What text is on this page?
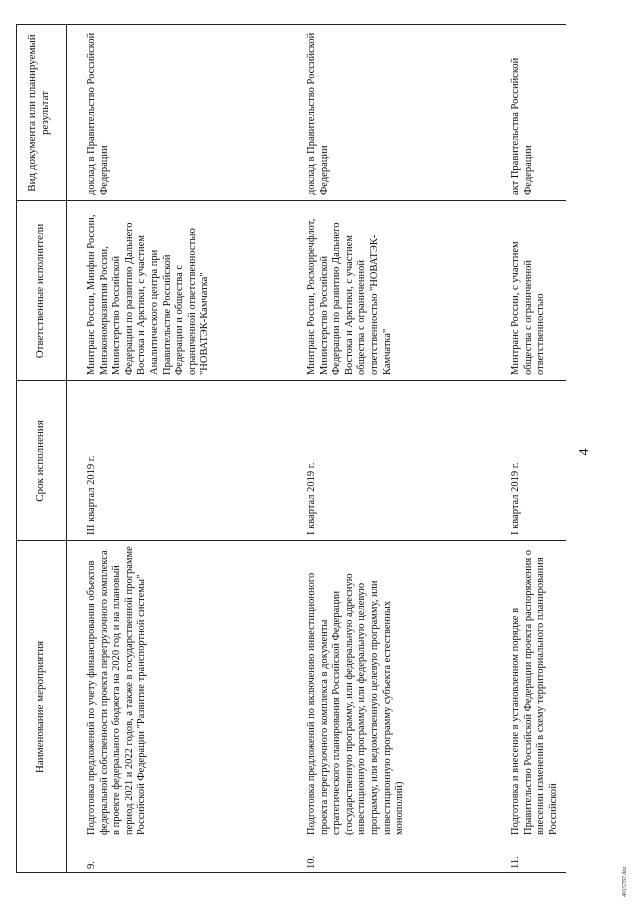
Наименование мероприятия
Срок исполнения
Ответственные исполнители
Вид документа или планируемый результат
9.
Подготовка предложений по учету финансирования объектов федеральной собственности проекта перегрузочного комплекса в проекте федерального бюджета на 2020 год и на плановый период 2021 и 2022 годов, а также в государственной программе Российской Федерации "Развитие транспортной системы"
III квартал 2019 г.
Минтранс России, Минфин России, Минэкономразвития России, Министерство Российской Федерации по развитию Дальнего Востока и Арктики, с участием Аналитического центра при Правительстве Российской Федерации и общества с ограниченной ответственностью "НОВАТЭК-Камчатка"
доклад в Правительство Российской Федерации
10.
Подготовка предложений по включению инвестиционного проекта перегрузочного комплекса в документы стратегического планирования Российской Федерации (государственную программу, или федеральную адресную инвестиционную программу, или федеральную целевую программу, или ведомственную целевую программу, или инвестиционную программу субъекта естественных монополий)
I квартал 2019 г.
Минтранс России, Росморречфлот, Министерство Российской Федерации по развитию Дальнего Востока и Арктики, с участием общества с ограниченной ответственностью "НОВАТЭК-Камчатка"
доклад в Правительство Российской Федерации
11.
Подготовка и внесение в установленном порядке в Правительство Российской Федерации проекта распоряжения о внесении изменений в схему территориального планирования Российской
I квартал 2019 г.
Минтранс России, с участием общества с ограниченной ответственностью
акт Правительства Российской Федерации
4
4015787.doc
